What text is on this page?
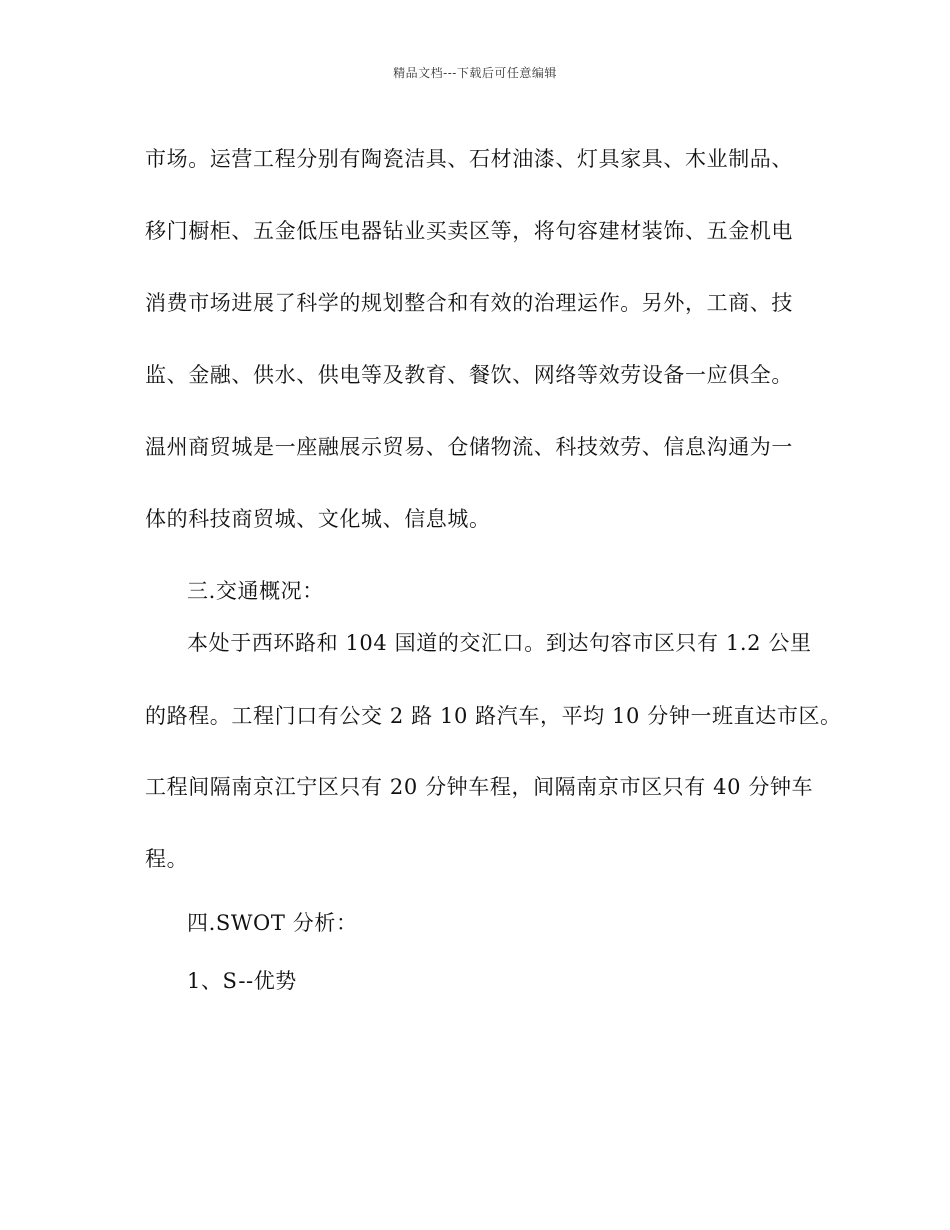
精品文档---下载后可任意编辑
市场。运营工程分别有陶瓷洁具、石材油漆、灯具家具、木业制品、
移门橱柜、五金低压电器钻业买卖区等，将句容建材装饰、五金机电
消费市场进展了科学的规划整合和有效的治理运作。另外，工商、技
监、金融、供水、供电等及教育、餐饮、网络等效劳设备一应俱全。
温州商贸城是一座融展示贸易、仓储物流、科技效劳、信息沟通为一
体的科技商贸城、文化城、信息城。
三.交通概况：
本处于西环路和 104 国道的交汇口。到达句容市区只有 1.2 公里
的路程。工程门口有公交 2 路 10 路汽车，平均 10 分钟一班直达市区。
工程间隔南京江宁区只有 20 分钟车程，间隔南京市区只有 40 分钟车
程。
四.SWOT 分析：
1、S--优势
